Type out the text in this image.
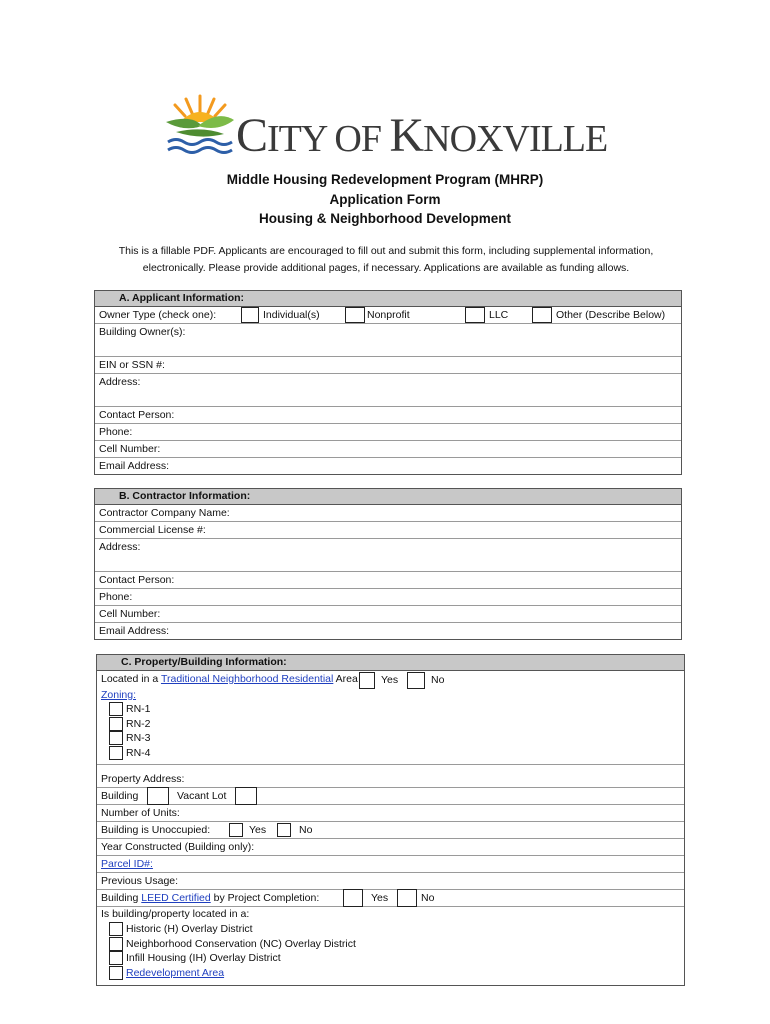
CITY OF KNOXVILLE
Middle Housing Redevelopment Program (MHRP)
Application Form
Housing & Neighborhood Development
This is a fillable PDF. Applicants are encouraged to fill out and submit this form, including supplemental information,
electronically. Please provide additional pages, if necessary. Applications are available as funding allows.
A. Applicant Information:
Owner Type (check one):	Individual(s)	Nonprofit	LLC	Other (Describe Below)
Building Owner(s):
EIN or SSN #:
Address:
Contact Person:
Phone:
Cell Number:
Email Address:
B. Contractor Information:
Contractor Company Name:
Commercial License #:
Address:
Contact Person:
Phone:
Cell Number:
Email Address:
C. Property/Building Information:
Located in a Traditional Neighborhood Residential Area Yes	No
Zoning:
RN-1
RN-2
RN-3
RN-4
Property Address:
Building	Vacant Lot
Number of Units:
Building is Unoccupied:	Yes	No
Year Constructed (Building only):
Parcel ID#:
Previous Usage:
Building LEED Certified by Project Completion:	Yes	No
Is building/property located in a:
Historic (H) Overlay District
Neighborhood Conservation (NC) Overlay District
Infill Housing (IH) Overlay District
Redevelopment Area
